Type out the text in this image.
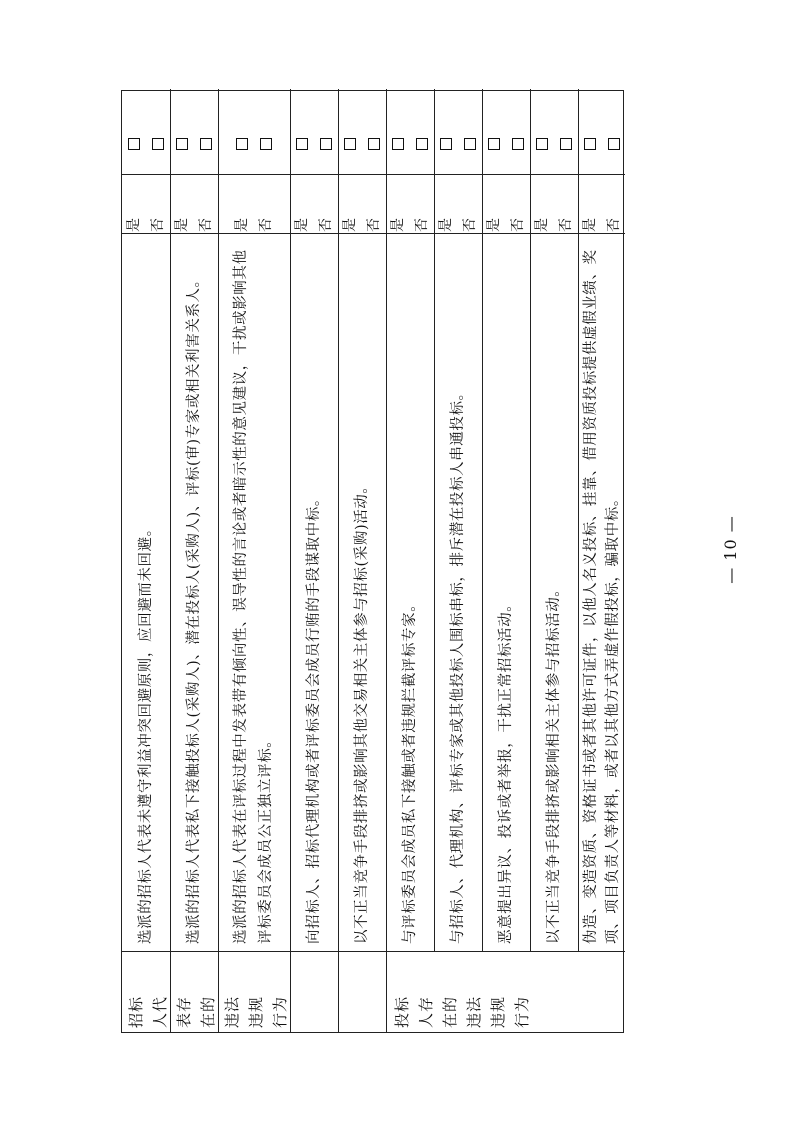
招标 人代 表存 在的 违法 违规 行为	投标 人存 在的 违法 违规 行为
选派的招标人代表未遵守利益冲突回避原则，应回避而未回避。
是 否
选派的招标人代表私下接触投标人(采购人)、潜在投标人(采购人)、评标(审)专家或相关利害关系人。
是 否
选派的招标人代表在评标过程中发表带有倾向性、误导性的言论或者暗示性的意见建议，干扰或影响其他评标委员会成员公正独立评标。
是 否
向招标人、招标代理机构或者评标委员会成员行贿的手段谋取中标。
是 否
以不正当竞争手段排挤或影响其他交易相关主体参与招标(采购)活动。
是 否
与评标委员会成员私下接触或者违规拦截评标专家。
是 否
与招标人、代理机构、评标专家或其他投标人围标串标，排斥潜在投标人串通投标。
是 否
恶意提出异议、投诉或者举报，干扰正常招标活动。
是 否
以不正当竞争手段排挤或影响相关主体参与招标活动。
是 否
伪造、变造资质、资格证书或者其他许可证件，以他人名义投标、挂靠、借用资质投标提供虚假业绩、奖项、项目负责人等材料，或者以其他方式弄虚作假投标，骗取中标。
是 否
— 10 —
